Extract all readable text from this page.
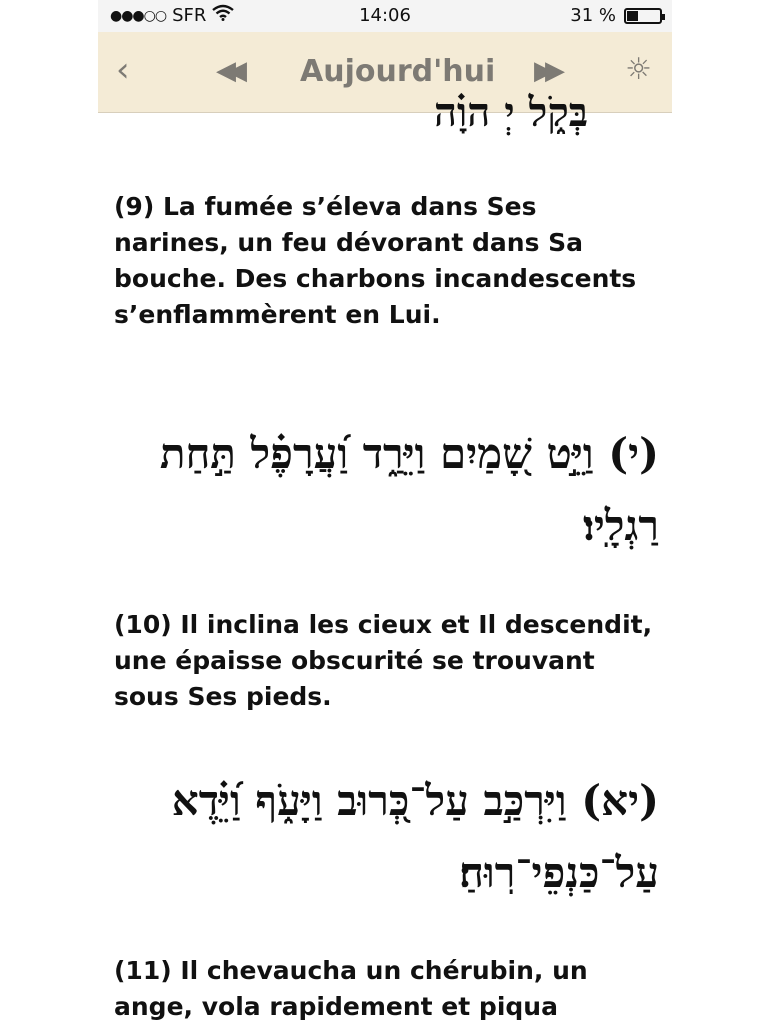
●●●○○ SFR	14:06	31 %
‹	◀◀ Aujourd'hui ▶▶ ☼
בְּקֹ֑ל יְ הוָ֗ה
(9) La fumée s’éleva dans Ses narines, un feu dévorant dans Sa bouche. Des charbons incandescents s’enflammèrent en Lui.
(י) וַיֵּ֣ט שָׁ֭מַיִם וַיֵּרַ֑ד וַ֝עֲרָפֶ֗ל תַּ֣חַת רַגְלָֽיו׃
(10) Il inclina les cieux et Il descendit, une épaisse obscurité se trouvant sous Ses pieds.
(יא) וַיִּרְכַּ֣ב עַל־כְּ֭רוּב וַיָּעֹ֑ף וַ֝יֵּ֗דֶא עַל־כַּנְפֵי־רֽוּחַ׃
(11) Il chevaucha un chérubin, un ange, vola rapidement et piqua
